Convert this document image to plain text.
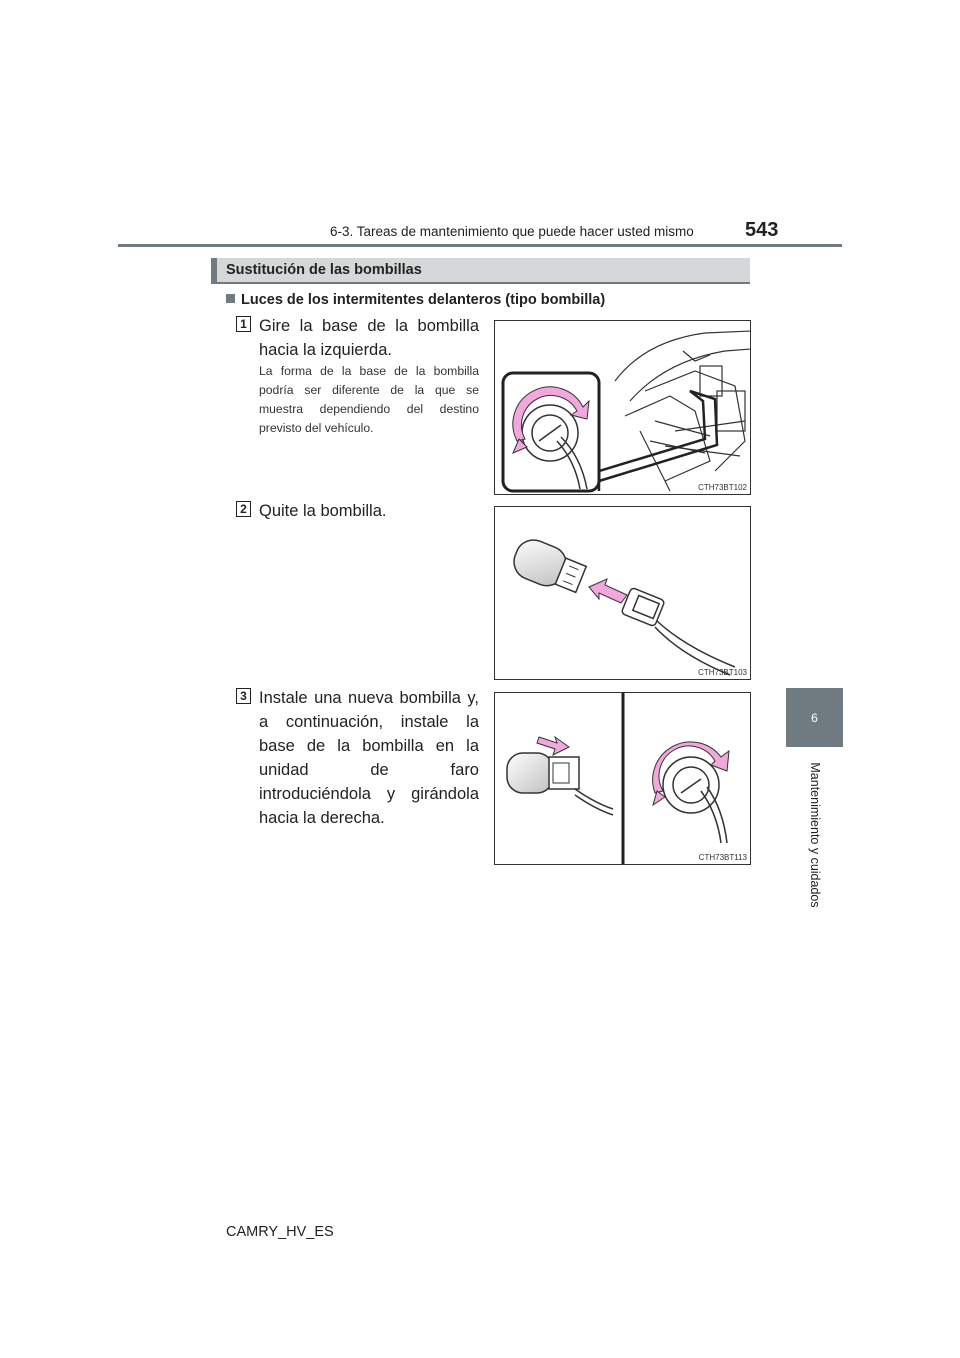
6-3. Tareas de mantenimiento que puede hacer usted mismo	543
6
Mantenimiento y cuidados
Sustitución de las bombillas
Luces de los intermitentes delanteros (tipo bombilla)
1 Gire la base de la bombilla hacia la izquierda.
La forma de la base de la bombilla podría ser diferente de la que se muestra dependiendo del destino previsto del vehículo.
CTH73BT102
2 Quite la bombilla.
CTH73BT103
3 Instale una nueva bombilla y, a continuación, instale la base de la bombilla en la unidad de faro introduciéndola y girándola hacia la derecha.
CTH73BT113
CAMRY_HV_ES
